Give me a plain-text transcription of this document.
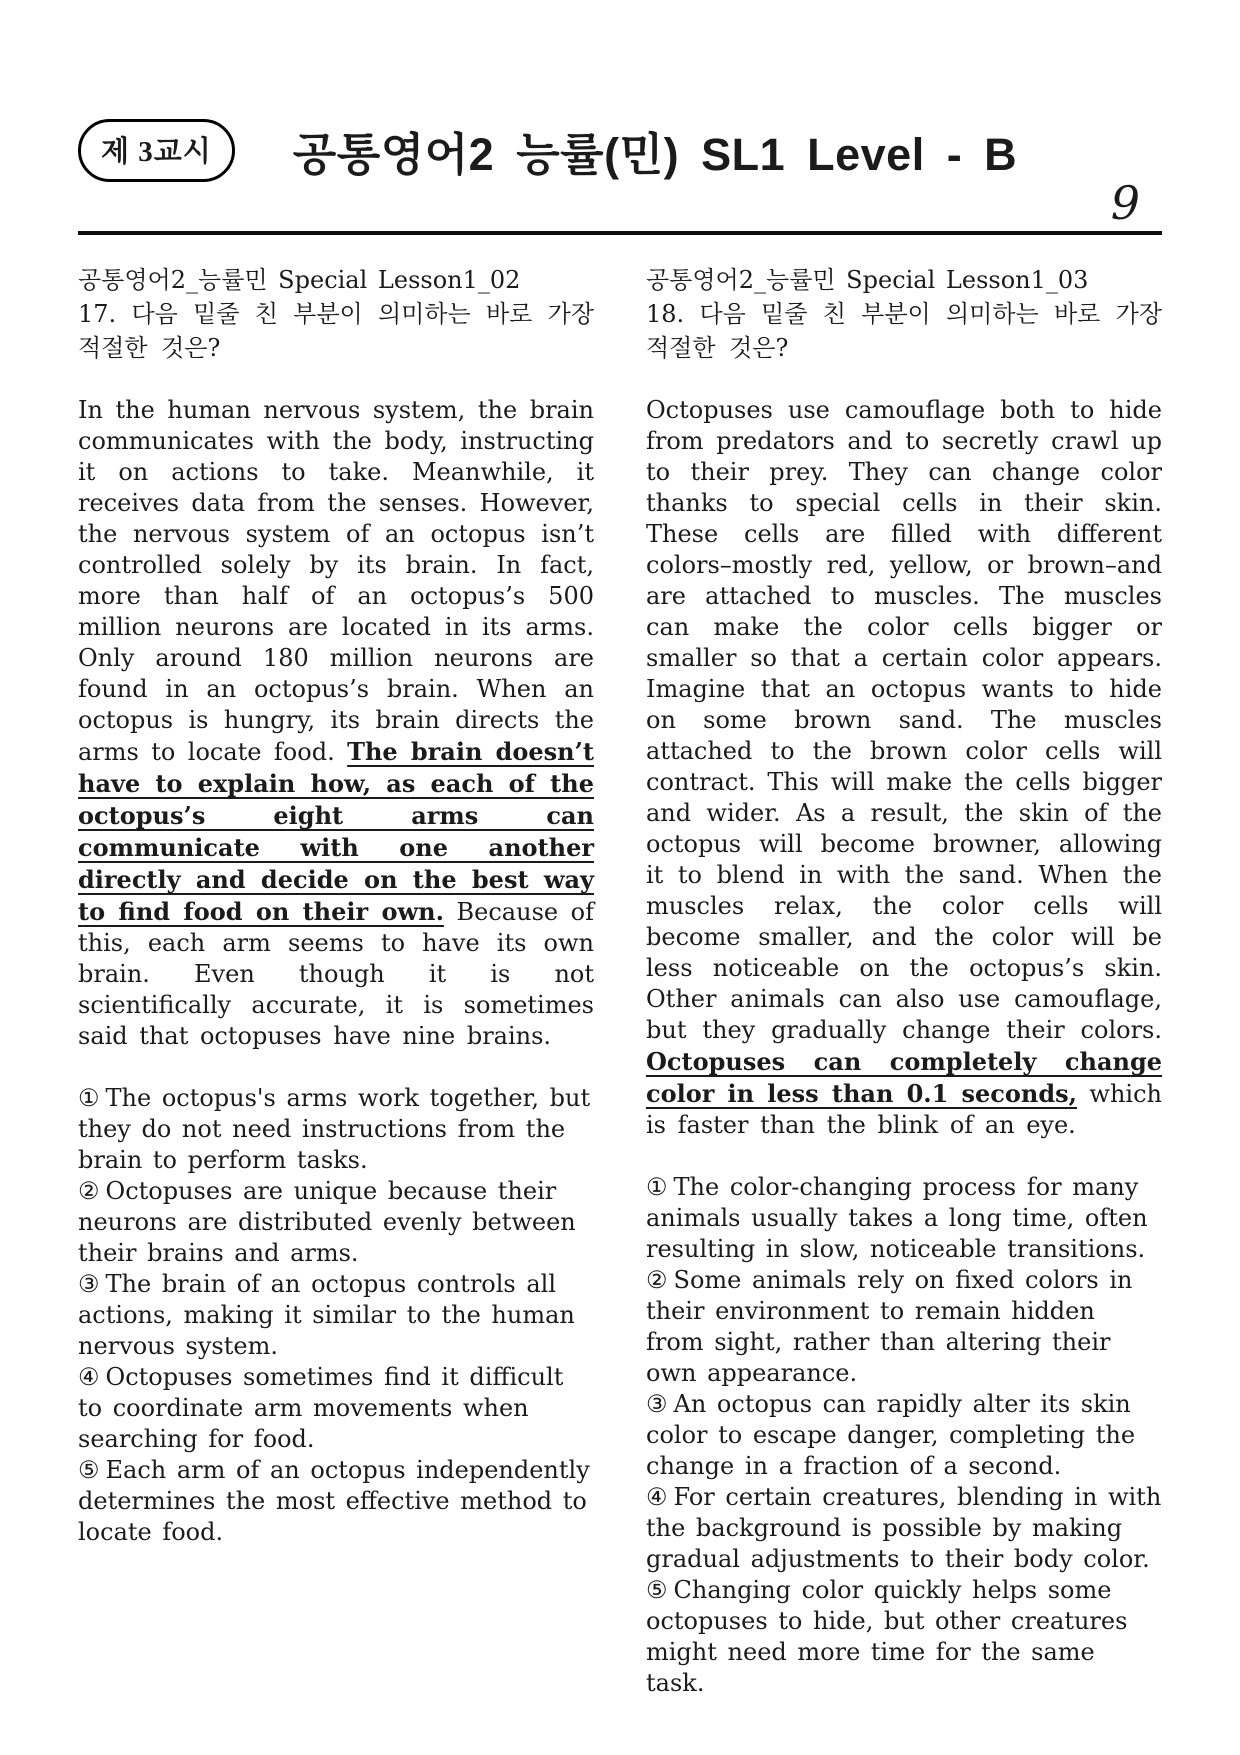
제 3교시 공통영어2 능률(민) SL1 Level - B
9
공통영어2_능률민 Special Lesson1_02
17. 다음 밑줄 친 부분이 의미하는 바로 가장 적절한 것은?

In the human nervous system, the brain communicates with the body, instructing it on actions to take. Meanwhile, it receives data from the senses. However, the nervous system of an octopus isn’t controlled solely by its brain. In fact, more than half of an octopus’s 500 million neurons are located in its arms. Only around 180 million neurons are found in an octopus’s brain. When an octopus is hungry, its brain directs the arms to locate food. The brain doesn’t have to explain how, as each of the octopus’s eight arms can communicate with one another directly and decide on the best way to find food on their own. Because of this, each arm seems to have its own brain. Even though it is not scientifically accurate, it is sometimes said that octopuses have nine brains.

① The octopus's arms work together, but they do not need instructions from the brain to perform tasks.
② Octopuses are unique because their neurons are distributed evenly between their brains and arms.
③ The brain of an octopus controls all actions, making it similar to the human nervous system.
④ Octopuses sometimes find it difficult to coordinate arm movements when searching for food.
⑤ Each arm of an octopus independently determines the most effective method to locate food.
공통영어2_능률민 Special Lesson1_03
18. 다음 밑줄 친 부분이 의미하는 바로 가장 적절한 것은?

Octopuses use camouflage both to hide from predators and to secretly crawl up to their prey. They can change color thanks to special cells in their skin. These cells are filled with different colors–mostly red, yellow, or brown–and are attached to muscles. The muscles can make the color cells bigger or smaller so that a certain color appears. Imagine that an octopus wants to hide on some brown sand. The muscles attached to the brown color cells will contract. This will make the cells bigger and wider. As a result, the skin of the octopus will become browner, allowing it to blend in with the sand. When the muscles relax, the color cells will become smaller, and the color will be less noticeable on the octopus’s skin. Other animals can also use camouflage, but they gradually change their colors. Octopuses can completely change color in less than 0.1 seconds, which is faster than the blink of an eye.

① The color-changing process for many animals usually takes a long time, often resulting in slow, noticeable transitions.
② Some animals rely on fixed colors in their environment to remain hidden from sight, rather than altering their own appearance.
③ An octopus can rapidly alter its skin color to escape danger, completing the change in a fraction of a second.
④ For certain creatures, blending in with the background is possible by making gradual adjustments to their body color.
⑤ Changing color quickly helps some octopuses to hide, but other creatures might need more time for the same task.
